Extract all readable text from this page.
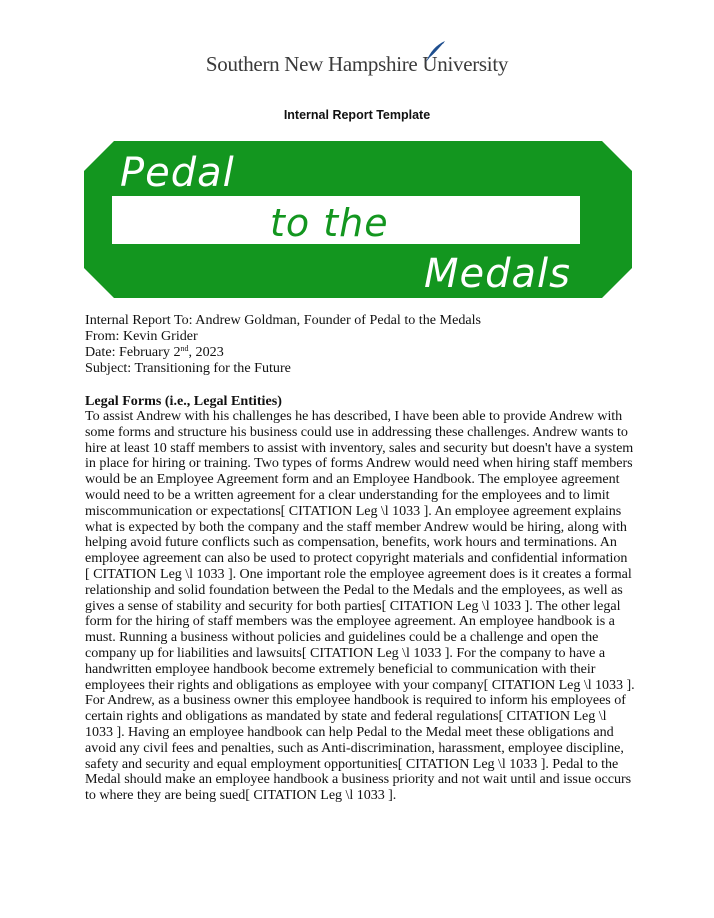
Southern New Hampshire University
Internal Report Template
Pedal
to the
Medals
Internal Report To: Andrew Goldman, Founder of Pedal to the Medals
From: Kevin Grider
Date: February 2nd, 2023
Subject: Transitioning for the Future
Legal Forms (i.e., Legal Entities)
To assist Andrew with his challenges he has described, I have been able to provide Andrew with some forms and structure his business could use in addressing these challenges. Andrew wants to hire at least 10 staff members to assist with inventory, sales and security but doesn't have a system in place for hiring or training. Two types of forms Andrew would need when hiring staff members would be an Employee Agreement form and an Employee Handbook. The employee agreement would need to be a written agreement for a clear understanding for the employees and to limit miscommunication or expectations[ CITATION Leg \l 1033 ]. An employee agreement explains what is expected by both the company and the staff member Andrew would be hiring, along with helping avoid future conflicts such as compensation, benefits, work hours and terminations. An employee agreement can also be used to protect copyright materials and confidential information [ CITATION Leg \l 1033 ]. One important role the employee agreement does is it creates a formal relationship and solid foundation between the Pedal to the Medals and the employees, as well as gives a sense of stability and security for both parties[ CITATION Leg \l 1033 ]. The other legal form for the hiring of staff members was the employee agreement. An employee handbook is a must. Running a business without policies and guidelines could be a challenge and open the company up for liabilities and lawsuits[ CITATION Leg \l 1033 ]. For the company to have a handwritten employee handbook become extremely beneficial to communication with their employees their rights and obligations as employee with your company[ CITATION Leg \l 1033 ]. For Andrew, as a business owner this employee handbook is required to inform his employees of certain rights and obligations as mandated by state and federal regulations[ CITATION Leg \l 1033 ]. Having an employee handbook can help Pedal to the Medal meet these obligations and avoid any civil fees and penalties, such as Anti-discrimination, harassment, employee discipline, safety and security and equal employment opportunities[ CITATION Leg \l 1033 ]. Pedal to the Medal should make an employee handbook a business priority and not wait until and issue occurs to where they are being sued[ CITATION Leg \l 1033 ].
